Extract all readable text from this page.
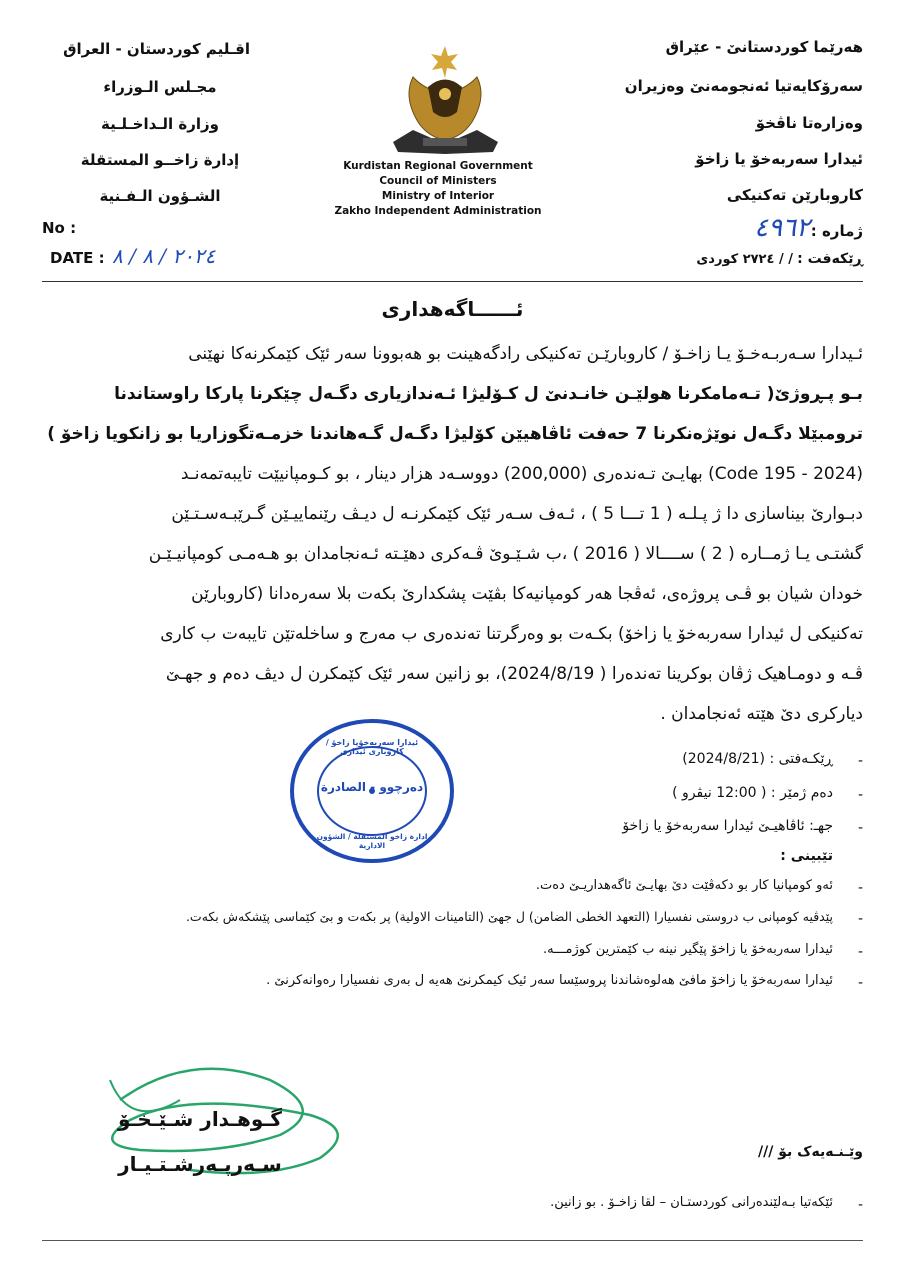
هەرێما کوردستانێ - عێراق
سەرۆکایەتیا ئەنجومەنێ وەزیران
وەزارەتا ناڤخۆ
ئیدارا سەربەخۆ یا زاخۆ
کاروبارێن تەکنیکی
اقـليم كوردستان - العراق
مجـلس الـوزراء
وزارة الـداخـلـية
إدارة زاخــو المستقلة
الشـؤون الـفـنية
Kurdistan Regional Government
Council of Ministers
Ministry of Interior
Zakho Independent Administration
No :
DATE : ٢٠٢٤ / ٨ / ٨
ژمارە :
٤٩٦٢
ڕێکەفت :
/ / ٢٧٢٤ کوردی
ئــــــاگەهداری
ئـیدارا سـەربـەخـۆ یـا زاخـۆ / کاروبارێـن تەکنیکی رادگەهینت بو هەبوونا سەر ئێک کێمکرنەکا نهێنی
بـو پـڕوژێ( تـەمامکرنا هولێـن خانـدنێ ل کـۆلیژا ئـەندازیاری دگـەل چێکرنا پارکا راوستاندنا
ترومبێلا دگـەل نوێژەنکرنا 7 حەفت ئاڤاهیێن کۆلیژا دگـەل گـەهاندنا خزمـەتگوزاریا بو زانکویا زاخۆ )
(Code 195 - 2024) بهایـێ تـەندەری (200,000) دووسـەد هزار دینار ، بو کـومپانیێت تایبەتمەنـد
دبـوارێ بیناسازی دا ژ پـلـە ( 1 تـــا 5 ) ، ئـەف سـەر ئێک کێمکرنـە ل دیـڤ رێنماییـێن گـرێبـەسـتـێن
گشتـی یـا ژمــارە ( 2 ) ســــالا ( 2016 ) ،ب شـێـوێ ڤـەکری دهێـتە ئـەنجامدان بو هـەمـی کومپانیـێـن
خودان شیان بو ڤـی پروژەی، ئەڤجا هەر کومپانیەکا بڤێت پشکدارێ بکەت بلا سەرەدانا (کاروبارێن
تەکنیکی ل ئیدارا سەربەخۆ یا زاخۆ) بکـەت بو وەرگرتنا تەندەری ب مەرج و ساخلەتێن تایبەت ب کاری
ڤـە و دومـاهیک ژڤان بوکرینا تەندەرا ( 2024/8/19)، بو زانین سەر ئێک کێمکرن ل دیڤ دەم و جهـێ
دیارکری دێ هێتە ئەنجامدان .
ئیدارا سەربەخۆیا زاخۆ / کاروباری ئیداری
دەرچوو - الصادرة
ادارة زاخو المستقلة / الشؤون الادارية
-
ڕێکـەفتی : (2024/8/21)
-
دەم ژمێر : ( 12:00 نیڤرو )
-
جهـ: ئاڤاهیـێ ئیدارا سەربەخۆ یا زاخۆ
تێبینی :
-
ئەو کومپانیا کار بو دکەڤێت دێ بهایـێ ئاگەهداریـێ دەت.
-
پێدڤیە کومپانی ب دروستی نفسیارا (التعهد الخطی الضامن) ل جهێ (التامینات الاولیة) پر بکەت و بێ کێماسی پێشکەش بکەت.
-
ئیدارا سەربەخۆ یا زاخۆ پێگیر نینە ب کێمترین کوژمـــە.
-
ئیدارا سەربەخۆ یا زاخۆ مافێ هەلوەشاندنا پروسێسا سەر ئیک کیمکرنێ هەیە ل بەری نفسیارا رەوانەکرنێ .
گـوهـدار شـێـخـۆ
سـەرپـەرشـتـیـار	وێـنـەیەک بۆ ///
-
ئێکەتیا بـەلێندەرانی کوردستـان – لقا زاخـۆ . بو زانین.
